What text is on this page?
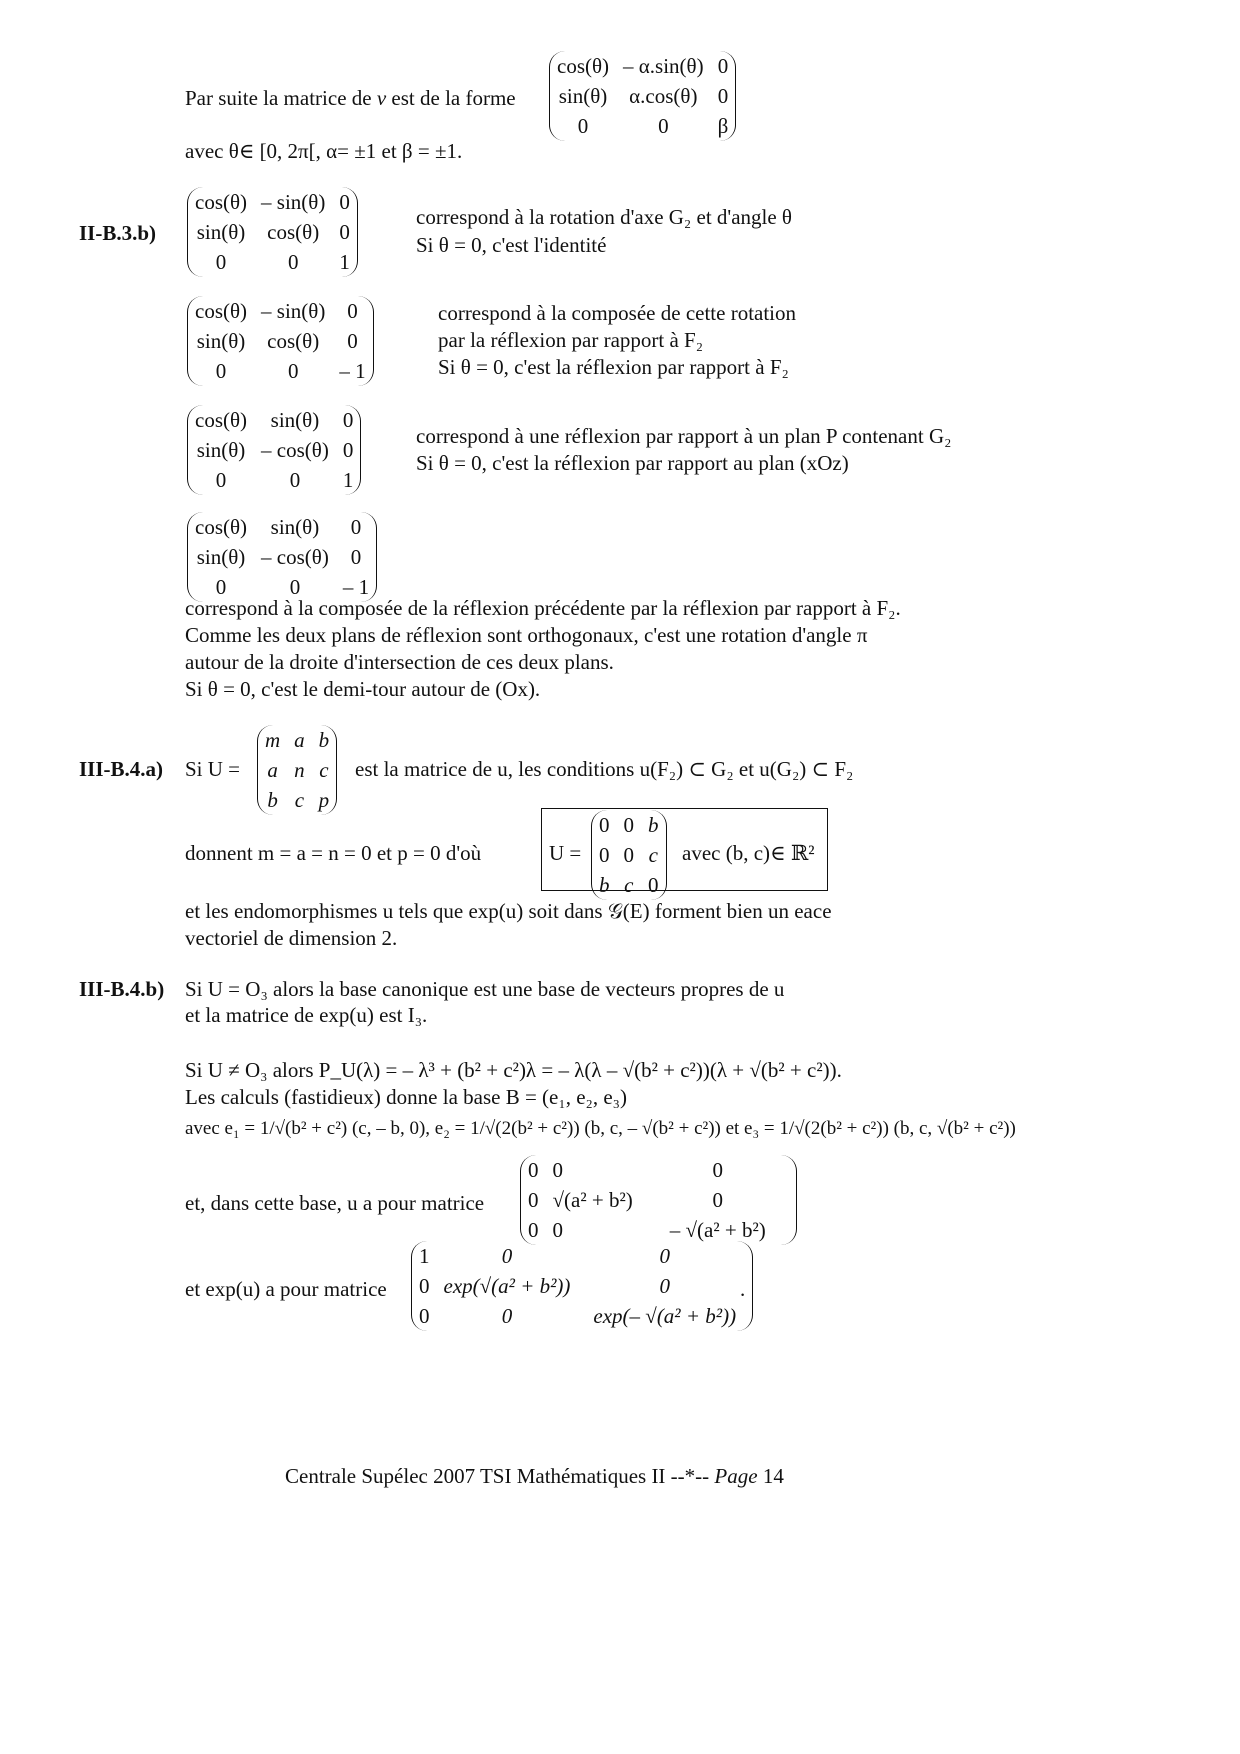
Par suite la matrice de v est de la forme
cos(θ)	– α.sin(θ)	0
sin(θ)	α.cos(θ)	0
0	0	β
avec θ∈ [0, 2π[, α= ±1 et β = ±1.
II-B.3.b)
cos(θ)	– sin(θ)	0
sin(θ)	cos(θ)	0
0	0	1
correspond à la rotation d'axe G₂ et d'angle θ
Si θ = 0, c'est l'identité
cos(θ)	– sin(θ)	0
sin(θ)	cos(θ)	0
0	0	– 1
correspond à la composée de cette rotation
par la réflexion par rapport à F₂
Si θ = 0, c'est la réflexion par rapport à F₂
cos(θ)	sin(θ)	0
sin(θ)	– cos(θ)	0
0	0	1
correspond à une réflexion par rapport à un plan P contenant G₂
Si θ = 0, c'est la réflexion par rapport au plan (xOz)
cos(θ)	sin(θ)	0
sin(θ)	– cos(θ)	0
0	0	– 1
correspond à la composée de la réflexion précédente par la réflexion par rapport à F₂.
Comme les deux plans de réflexion sont orthogonaux, c'est une rotation d'angle π
autour de la droite d'intersection de ces deux plans.
Si θ = 0, c'est le demi-tour autour de (Ox).
III-B.4.a) Si U =
m	a	b
a	n	c
b	c	p
est la matrice de u, les conditions u(F₂) ⊂ G₂ et u(G₂) ⊂ F₂
donnent m = a = n = 0 et p = 0 d'où	U =
0	0	b
0	0	c
b	c	0
avec (b, c)∈ ℝ²
et les endomorphismes u tels que exp(u) soit dans 𝒢(E) forment bien un eace
vectoriel de dimension 2.
III-B.4.b) Si U = O₃ alors la base canonique est une base de vecteurs propres de u
et la matrice de exp(u) est I₃.
Si U ≠ O₃ alors P_U(λ) = – λ³ + (b² + c²)λ = – λ(λ – √(b² + c²))(λ + √(b² + c²)).
Les calculs (fastidieux) donne la base B = (e₁, e₂, e₃)
avec e₁ = 1/√(b² + c²) (c, – b, 0), e₂ = 1/√(2(b² + c²)) (b, c, – √(b² + c²)) et e₃ = 1/√(2(b² + c²)) (b, c, √(b² + c²))
et, dans cette base, u a pour matrice
0	0	0
0	√(a² + b²)	0
0	0	– √(a² + b²)
et exp(u) a pour matrice
1	0	0
0	exp(√(a² + b²))	0
0	0	exp(– √(a² + b²))
.
Centrale Supélec 2007 TSI Mathématiques II --*-- Page 14
